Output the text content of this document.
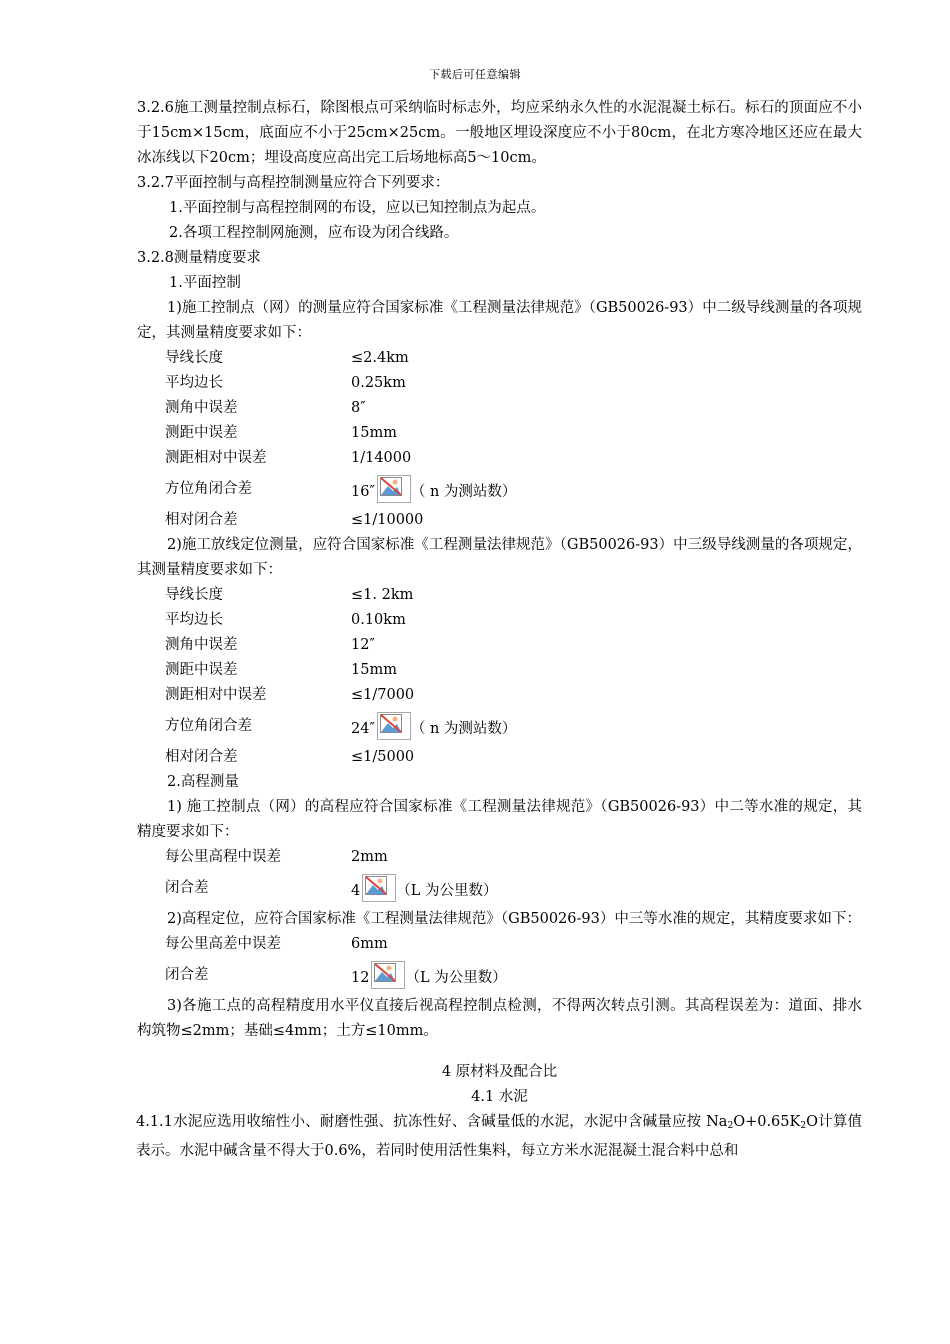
下载后可任意编辑

3.2.6施工测量控制点标石，除图根点可采纳临时标志外，均应采纳永久性的水泥混凝土标石。标石的顶面应不小于15cm×15cm，底面应不小于25cm×25cm。一般地区埋设深度应不小于80cm，在北方寒冷地区还应在最大冰冻线以下20cm；埋设高度应高出完工后场地标高5～10cm。

3.2.7平面控制与高程控制测量应符合下列要求：

1.平面控制与高程控制网的布设，应以已知控制点为起点。

2.各项工程控制网施测，应布设为闭合线路。

3.2.8测量精度要求

1.平面控制

1)施工控制点（网）的测量应符合国家标准《工程测量法律规范》（GB50026-93）中二级导线测量的各项规定，其测量精度要求如下：

导线长度	≤2.4km
平均边长	0.25km
测角中误差	8″
测距中误差	15mm
测距相对中误差	1/14000
方位角闭合差	16″ （ n 为测站数）
相对闭合差	≤1/10000

2)施工放线定位测量，应符合国家标准《工程测量法律规范》（GB50026-93）中三级导线测量的各项规定，其测量精度要求如下：

导线长度	≤1. 2km
平均边长	0.10km
测角中误差	12″
测距中误差	15mm
测距相对中误差	≤1/7000
方位角闭合差	24″ （ n 为测站数）
相对闭合差	≤1/5000

2.高程测量

1) 施工控制点（网）的高程应符合国家标准《工程测量法律规范》（GB50026-93）中二等水准的规定，其精度要求如下：

每公里高程中误差	2mm
闭合差	4 （L 为公里数）

2)高程定位，应符合国家标准《工程测量法律规范》（GB50026-93）中三等水准的规定，其精度要求如下：

每公里高差中误差	6mm
闭合差	12 （L 为公里数）

3)各施工点的高程精度用水平仪直接后视高程控制点检测，不得两次转点引测。其高程误差为：道面、排水构筑物≤2mm；基础≤4mm；土方≤10mm。

4 原材料及配合比

4.1 水泥

4.1.1水泥应选用收缩性小、耐磨性强、抗冻性好、含碱量低的水泥，水泥中含碱量应按 $Na_2O+0.65K_2O$计算值表示。水泥中碱含量不得大于0.6%，若同时使用活性集料，每立方米水泥混凝土混合料中总和
